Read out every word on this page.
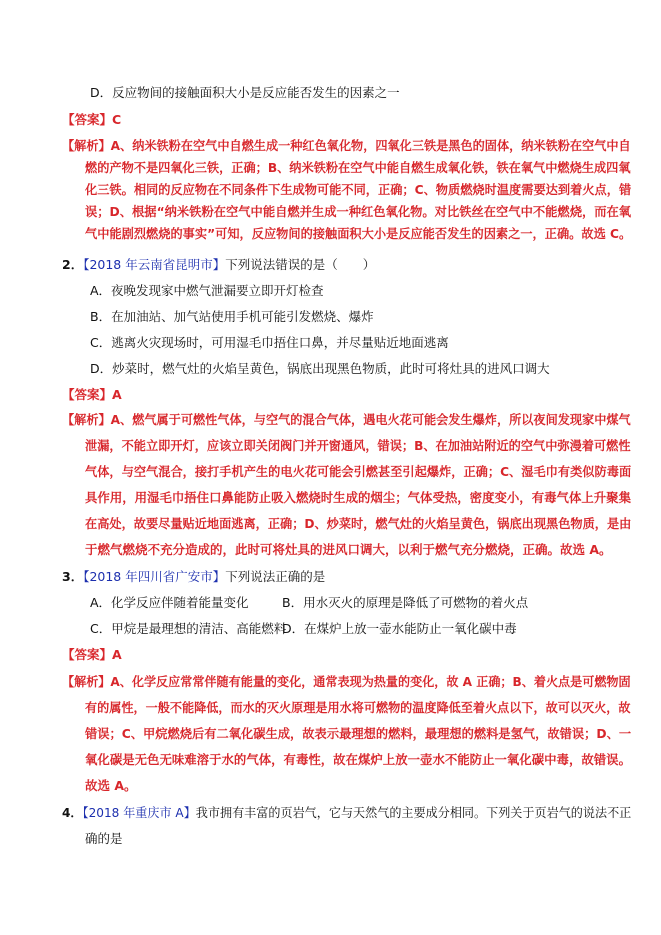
D．反应物间的接触面积大小是反应能否发生的因素之一
【答案】C
【解析】A、纳米铁粉在空气中自燃生成一种红色氧化物，四氧化三铁是黑色的固体，纳米铁粉在空气中自
燃的产物不是四氧化三铁，正确；B、纳米铁粉在空气中能自燃生成氧化铁，铁在氧气中燃烧生成四氧
化三铁。相同的反应物在不同条件下生成物可能不同，正确；C、物质燃烧时温度需要达到着火点，错
误；D、根据“纳米铁粉在空气中能自燃并生成一种红色氧化物。对比铁丝在空气中不能燃烧，而在氧
气中能剧烈燃烧的事实”可知，反应物间的接触面积大小是反应能否发生的因素之一，正确。故选 C。
2．【2018 年云南省昆明市】下列说法错误的是（　　）
A．夜晚发现家中燃气泄漏要立即开灯检查
B．在加油站、加气站使用手机可能引发燃烧、爆炸
C．逃离火灾现场时，可用湿毛巾捂住口鼻，并尽量贴近地面逃离
D．炒菜时，燃气灶的火焰呈黄色，锅底出现黑色物质，此时可将灶具的进风口调大
【答案】A
【解析】A、燃气属于可燃性气体，与空气的混合气体，遇电火花可能会发生爆炸，所以夜间发现家中煤气
泄漏，不能立即开灯，应该立即关闭阀门并开窗通风，错误；B、在加油站附近的空气中弥漫着可燃性
气体，与空气混合，接打手机产生的电火花可能会引燃甚至引起爆炸，正确；C、湿毛巾有类似防毒面
具作用，用湿毛巾捂住口鼻能防止吸入燃烧时生成的烟尘；气体受热，密度变小，有毒气体上升聚集
在高处，故要尽量贴近地面逃离，正确；D、炒菜时，燃气灶的火焰呈黄色，锅底出现黑色物质，是由
于燃气燃烧不充分造成的，此时可将灶具的进风口调大，以利于燃气充分燃烧，正确。故选 A。
3．【2018 年四川省广安市】下列说法正确的是
A．化学反应伴随着能量变化	B．用水灭火的原理是降低了可燃物的着火点
C．甲烷是最理想的清洁、高能燃料
D．在煤炉上放一壶水能防止一氧化碳中毒
【答案】A
【解析】A、化学反应常常伴随有能量的变化，通常表现为热量的变化，故 A 正确；B、着火点是可燃物固
有的属性，一般不能降低，而水的灭火原理是用水将可燃物的温度降低至着火点以下，故可以灭火，故
错误；C、甲烷燃烧后有二氧化碳生成，故表示最理想的燃料，最理想的燃料是氢气，故错误；D、一
氧化碳是无色无味难溶于水的气体，有毒性，故在煤炉上放一壶水不能防止一氧化碳中毒，故错误。
故选 A。
4．【2018 年重庆市 A】我市拥有丰富的页岩气，它与天然气的主要成分相同。下列关于页岩气的说法不正
确的是
